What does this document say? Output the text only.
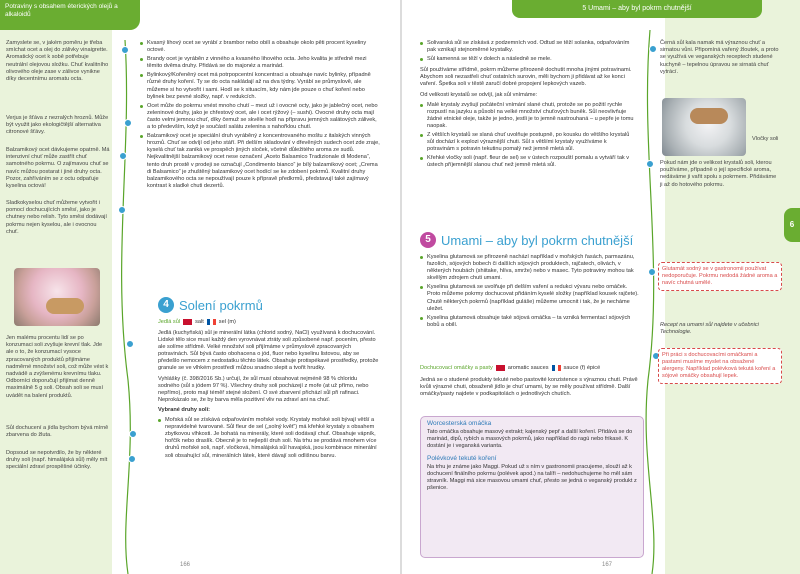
Potraviny s obsahem éterických olejů a alkaloidů
Zamyslete se, v jakém poměru je třeba smíchat ocet a olej do zálivky vinaigrette. Aromatický ocet k sobě potřebuje neutrální olejovou složku. Chuť kvalitního olivového oleje zase v zálivce vynikne díky decentnímu aromatu octa.
Verjus je šťáva z nezralých hroznů. Může být využit jako ekologičtější alternativa citronové šťávy.
Balzamikový ocet dávkujeme opatrně. Má intenzivní chuť může zastřít chuť samotného pokrmu. O zajímavou chuť se navíc můžou postarat i jiné druhy octa. Pozor, zahříváním se z octu odpaťuje kyselina octová!
Sladkokyselou chuť můžeme vytvořit i pomocí dochucujících směsí, jako je chutney nebo relish. Tyto směsi dodávají pokrmu nejen kyselou, ale i ovocnou chuť.
Jen malému procentu lidí se po konzumaci soli zvyšuje krevní tlak. Jde ale o to, že konzumací vysoce zpracovaných produktů přijímáme nadměrné množství soli, což může vést k nadvádě a zvýšenému krevnímu tlaku. Odborníci doporučují přijímat denně maximálně 5 g soli. Obsah soli se musí uvádět na balení produktů.
Sůl dochucení a jídla bychom bývá mírně zbarvena do žluta.
Dopsoud se nepotvrdilo, že by některé druhy soli (např. himalájská sůl) měly mít speciální zdraví prospěšné účinky.
Kvasný lihový ocet se vyrábí z brambor nebo obilí a obsahuje okolo pěti procent kyseliny octové.
Brandy ocet je vyráběn z vinného a kvasného lihového octa. Jeho kvalita je středně mezi těmito dvěma druhy. Přidává se do majonéz a marinád.
Bylinkový/Kořeněný ocet má potrpopcentní koncentraci a obsahuje navíc bylinky, případně různé druhy koření. Ty se do octa nakládají až na dva týdny. Vyrábí se průmyslově, ale můžeme si ho vytvořit i sami. Hodí se k situacím, kdy nám jde pouze o chuť koření nebo bylinek bez pevné složky, např. v redukcích.
Ocet může do pokrmu vnést mnoho chutí – mezi už i ovocné octy, jako je jablečný ocet, nebo zeleninové druhy, jako je chřestový ocet, ale i ocet rýžový (– sushi). Ovocné druhy octa mají často velmi jemnou chuť, díky čemuž se skvěle hodí na přípravu jemných salátových zálivek, a to především, když je součástí salátu zelenina s nahořklou chutí.
Balzamikový ocet je speciální druh vyráběný z koncentrovaného moštu z italských vinných hroznů. Chuť se odvíjí od jeho stáří. Při delším skladování v dřevěných sudech ocet zde zraje, kyselá chuť tak zaniká ve prospěch jiných sloček, včetně důležitého aroma ze sudů. Nejkvalitnější balzamikový ocet nese označení „Aceto Balsamico Tradizionale di Modena“, tento druh prostě v prodeji se označují „Condimento bianco“ je bílý balzamikový ocet; „Crema di Balsamico“ je zhuštěný balzamikový ocet hodící se ke zdobení pokrmů. Kvalitní druhy balzamikového octa se nepoužívají pouze k přípravě předkrmů, představují také zajímavý kontrast k sladké chuti dezertů.
4 Solení pokrmů
Jedlá sůl	salt	sel (m)

Jedlá (kuchyňská) sůl je minerální látka (chlorid sodný, NaCl) využívaná k dochucování. Lidské tělo sice musí každý den vyrovnávat ztráty soli způsobené např. pocením, přesto ale solíme střídmě. Velké množství soli přijímáme v průmyslově zpracovaných potravinách. Sůl bývá často obohacena o jód, fluor nebo kyselinu listovou, aby se předešlo nemocem z nedostatku těchto látek. Obsahuje protispékavé prostředky, protože granule se ve vlhkém prostředí můžou snadno slepit a tvořit hrudky.

Vyhlášky (č. 398/2016 Sb.) určují, že sůl musí obsahovat nejméně 98 % chloridu sodného (sůl s jódem 97 %). Všechny druhy soli pocházejí z moře (at už přímo, nebo nepřímo), proto mají téměř stejné složení. O své zbarvení přichází sůl při rafinaci. Neprokázalo se, že by barva měla pozitivní vliv na zdraví ani na chuť.

Vybrané druhy solí:

Mořská sůl se získává odpařováním mořské vody. Krystaly mořské soli bývají větší a nepravidelné tvarované. Sůl fleur de sel („solný květ“) má křehké krystaly s obsahem zbytkovou vlhkosti. Je bohatá na minerály, které soli dodávají chuť. Obsahuje vápník, hořčík nebo draslík. Obecně je to nejlepší druh soli. Na trhu se prodává mnohem více druhů mořské soli, např. vločková, himalájská sůl havajská, jsou kombinace minerální soli obsahující sůl, minerálních látek, které dávají soli odlišnou barvu.
166
5 Umami – aby byl pokrm chutnější
Solivarská sůl se získává z podzemních vod. Odtud se těží solanka, odpařováním pak vznikají stejnoměrné krystalky.
Sůl kamenná se těží v dolech a následně se mele.

Sůl používáme střídmě, pokrm můžeme přirozeně dochutit mnoha jinými potravinami. Abychom soli nezastřeli chuť ostatních surovin, měli bychom ji přidávat až ke konci vaření. Špetka soli v těstě zaručí dobré propojení lepkových vazeb.

Od velikosti krystalů se odvíjí, jak sůl vnímáme:

Malé krystaly zvyšují počáteční vnímání slané chuti, protože se po požití rychle rozpustí na jazyku a působí na velké množství chuťových buněk. Sůl neovlivňuje žádné etnické oleje, takže je jedno, jestli je to jemně nastrouhaná – u pepře je tomu naopak.
Z větších krystalů se slaná chuť uvolňuje postupně, po kousku do většího krystalů sůl dochází k explozi výraznější chuti. Sůl s většími krystaly využíváme k potravinám s potravin tekutinu pomalý než jemně mletá sůl.
Křehké vločky soli (např. fleur de sel) se v ústech rozpouští pomalu a vytváří tak v ústech příjemnější slanou chuť než jemně mletá sůl.
5 Umami – aby byl pokrm chutnější
Kyselina glutamová se přirozeně nachází například v mořských řasách, parmazánu, fazolích, sójových bobech či dalších sójových produktech, rajčatech, olivách, v některých houbách (shiitake, hlíva, smrže) nebo v masec. Tyto potraviny mohou tak skvělým zdrojem chuti umami.
Kyselina glutamová se uvolňuje při delším vaření a redukci vývaru nebo omáček. Proto můžeme pokrmy dochucovat přidáním kyselé složky (například kousek rajčete). Chutě některých pokrmů (například guláše) můžeme umocnit i tak, že je necháme uležet.
Kyselina glutamová obsahuje také sójová omáčka – ta vzniká fermentací sójových bobů a obilí.
Dochucovací omáčky a pasty	aromatic sauces	sauce (f) épicé
Jedná se o studené produkty tekuté nebo pastovité konzistence s výraznou chutí. Právě kvůli výrazné chuti, obsaženě jídlo je chuť umami, by se měly používat střídmě. Další omáčky/pasty najdete v podkapitolách o jednotlivých chutích.
Worcesterská omáčka
Tato omáčka obsahuje masový extrakt; kajenský pepř a další koření. Přidává se do marinád, dipů, rybích a masových pokrmů, jako například do ragú nebo frikasé. K dostání je i veganská varianta.
Polévkové tekuté koření
Na trhu je známe jako Maggi. Pokud už s ním v gastronomii pracujeme, slouží až k dochucení finálního pokrmu (polévek apod.) na talíři – nedohuchujeme ho měl sám stravník. Maggi má sice masovou umami chuť, přesto se jedná o veganský produkt z pšenice.
Černá sůl kala namak má výraznou chuť a sirnatou vůni. Připomíná vařený žloutek, a proto se využívá ve veganských receptech studené kuchyně – tepelnou úpravou se sirnatá chuť vytrácí.
Vločky soli
Pokud nám jde o velikost krystalů soli, kterou používáme, případně o její specifické aroma, nedáváme ji vařit spolu s pokrmem. Přidáváme ji až do hotového pokrmu.
Glutamát sodný se v gastronomii používat nedoporučuje. Pokrmu nedodá žádné aroma a navíc chutná umělé.
Recept na umami sůl najdete v učebnici Technologie.
Při práci s dochucovacími omáčkami a pastami musíme myslet na obsažené alergeny. Například polévková tekutá koření a sójové omáčky obsahují lepek.
6
167
